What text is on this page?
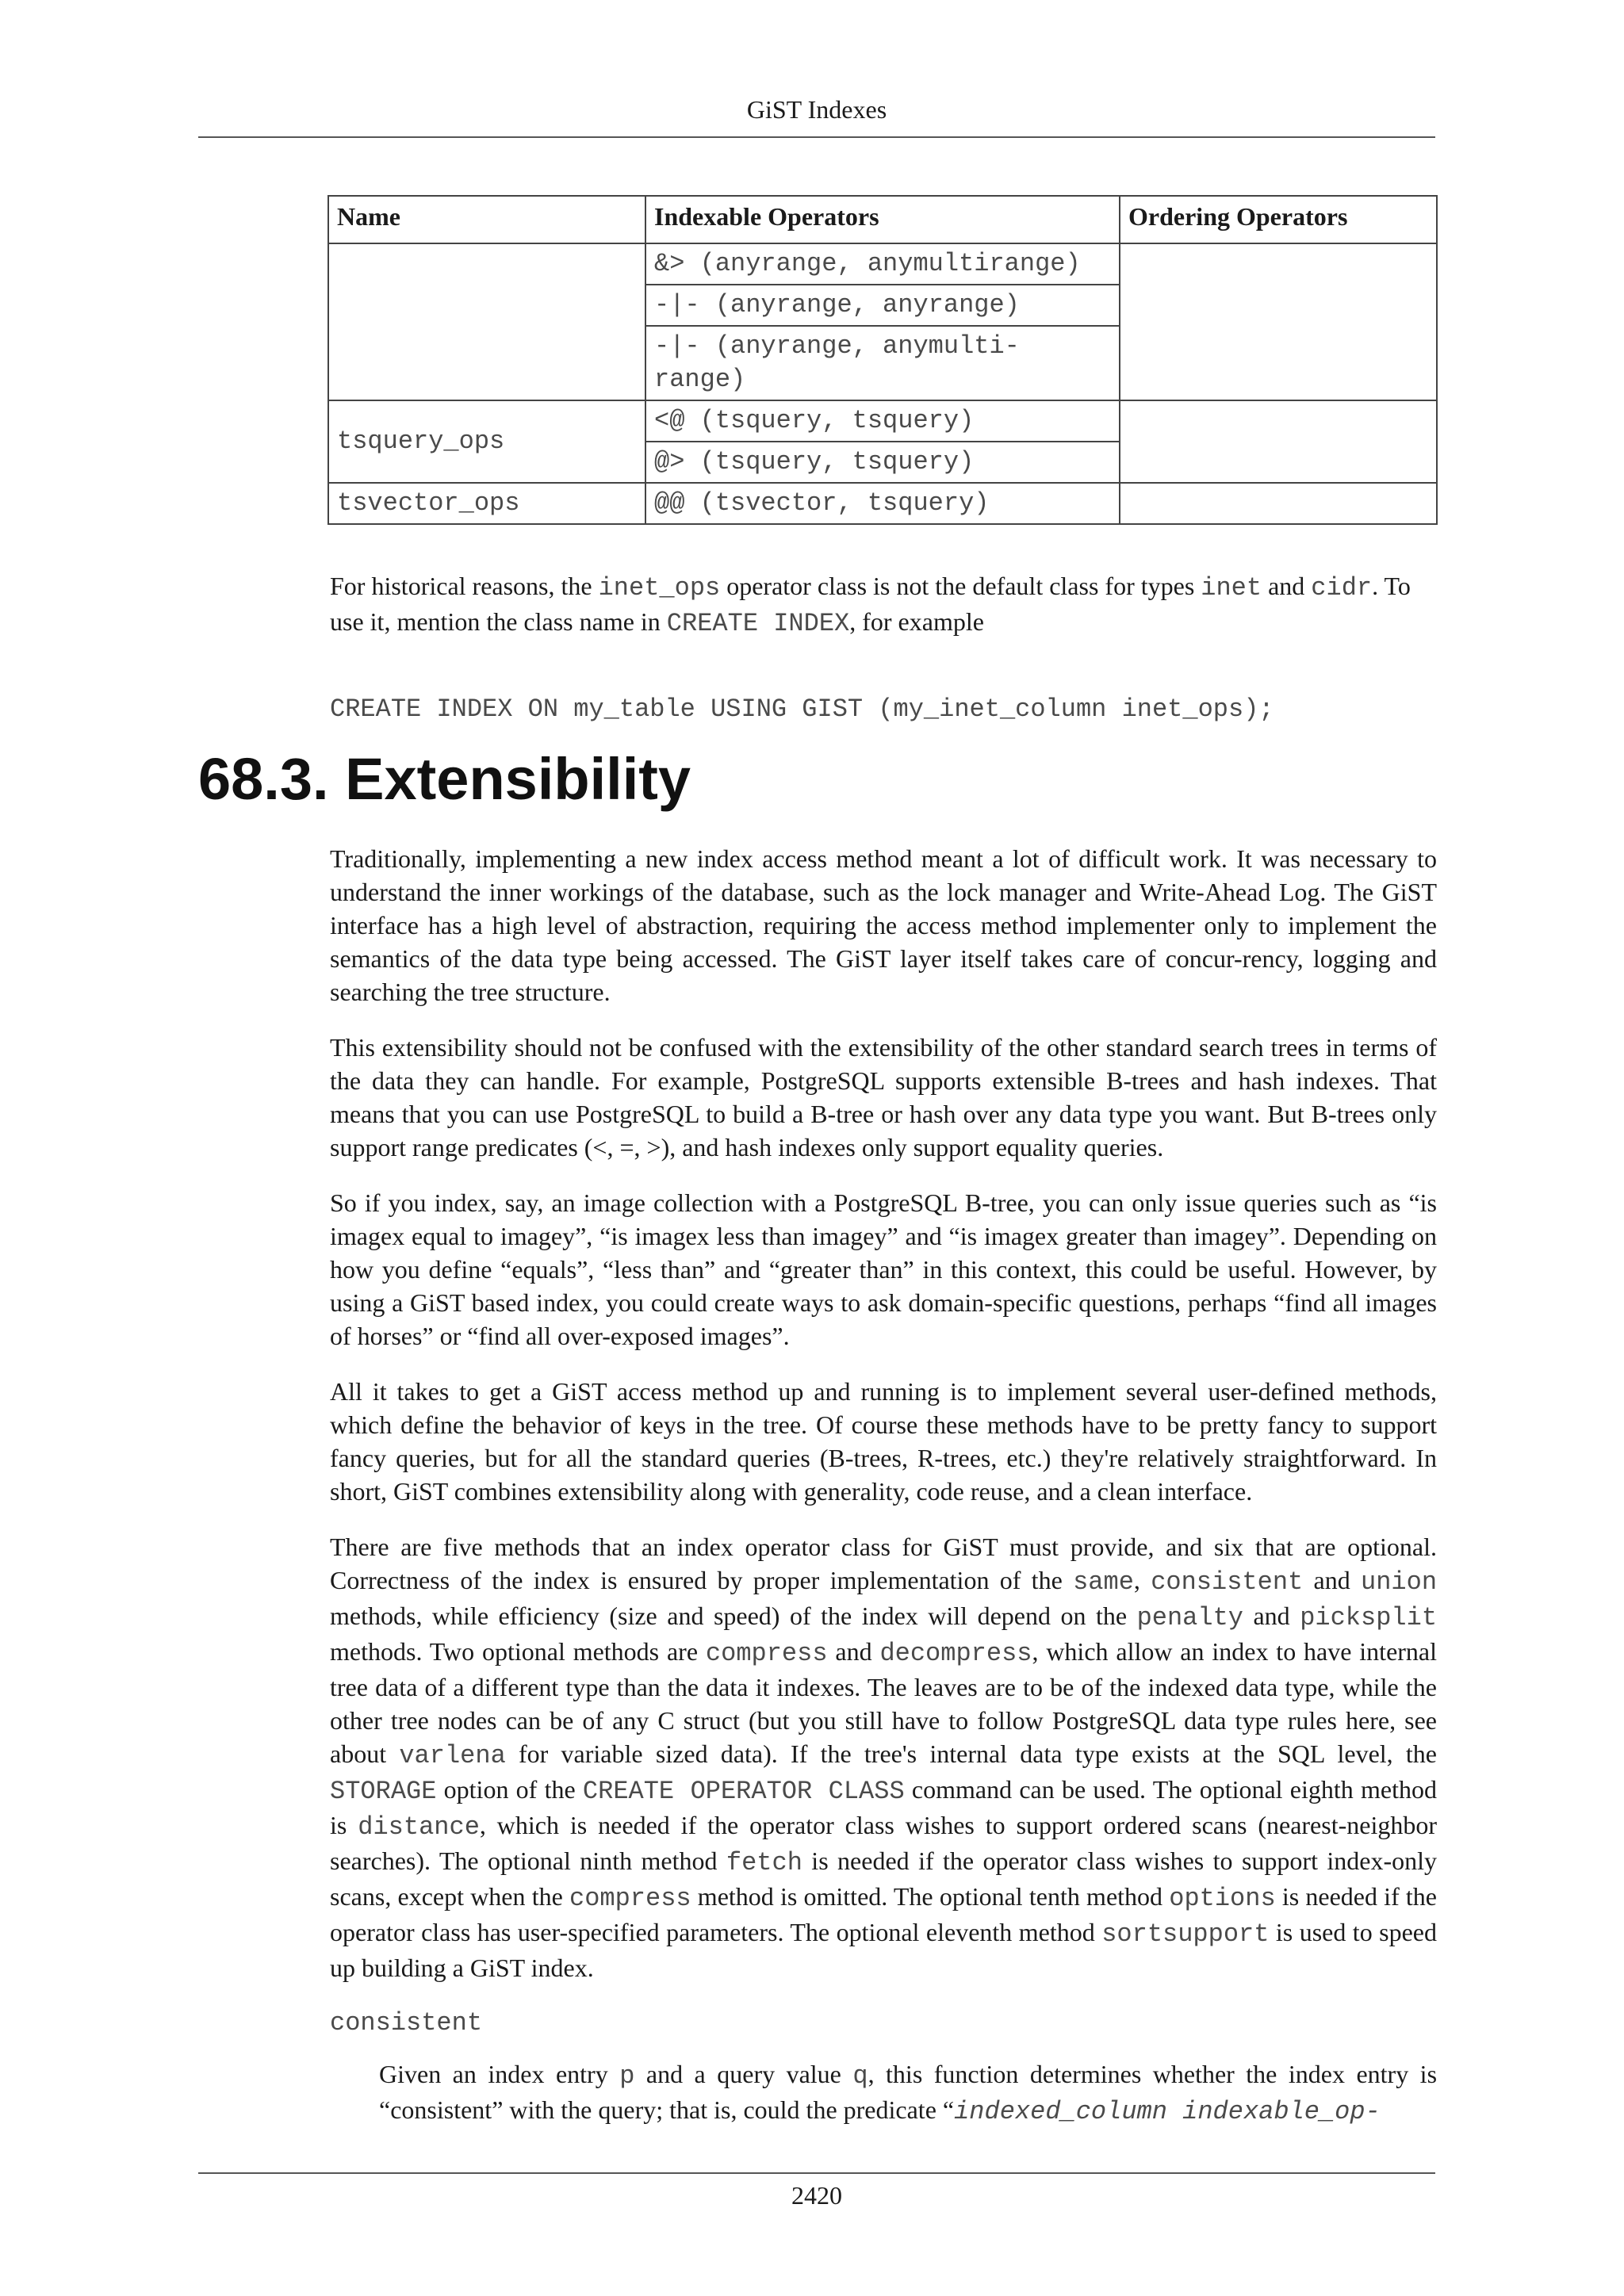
GiST Indexes
Name	Indexable Operators	Ordering Operators
	&> (anyrange, anymultirange)	
	-|- (anyrange, anyrange)	
	-|- (anyrange, anymulti-
range)	
tsquery_ops	<@ (tsquery, tsquery)	
	@> (tsquery, tsquery)	
tsvector_ops	@@ (tsvector, tsquery)	

For historical reasons, the inet_ops operator class is not the default class for types inet and cidr. To use it, mention the class name in CREATE INDEX, for example

CREATE INDEX ON my_table USING GIST (my_inet_column inet_ops);
68.3. Extensibility

Traditionally, implementing a new index access method meant a lot of difficult work. It was necessary to understand the inner workings of the database, such as the lock manager and Write-Ahead Log. The GiST interface has a high level of abstraction, requiring the access method implementer only to implement the semantics of the data type being accessed. The GiST layer itself takes care of concur-rency, logging and searching the tree structure.

This extensibility should not be confused with the extensibility of the other standard search trees in terms of the data they can handle. For example, PostgreSQL supports extensible B-trees and hash indexes. That means that you can use PostgreSQL to build a B-tree or hash over any data type you want. But B-trees only support range predicates (<, =, >), and hash indexes only support equality queries.

So if you index, say, an image collection with a PostgreSQL B-tree, you can only issue queries such as “is imagex equal to imagey”, “is imagex less than imagey” and “is imagex greater than imagey”. Depending on how you define “equals”, “less than” and “greater than” in this context, this could be useful. However, by using a GiST based index, you could create ways to ask domain-specific questions, perhaps “find all images of horses” or “find all over-exposed images”.

All it takes to get a GiST access method up and running is to implement several user-defined methods, which define the behavior of keys in the tree. Of course these methods have to be pretty fancy to support fancy queries, but for all the standard queries (B-trees, R-trees, etc.) they're relatively straightforward. In short, GiST combines extensibility along with generality, code reuse, and a clean interface.

There are five methods that an index operator class for GiST must provide, and six that are optional. Correctness of the index is ensured by proper implementation of the same, consistent and union methods, while efficiency (size and speed) of the index will depend on the penalty and picksplit methods. Two optional methods are compress and decompress, which allow an index to have internal tree data of a different type than the data it indexes. The leaves are to be of the indexed data type, while the other tree nodes can be of any C struct (but you still have to follow PostgreSQL data type rules here, see about varlena for variable sized data). If the tree's internal data type exists at the SQL level, the STORAGE option of the CREATE OPERATOR CLASS command can be used. The optional eighth method is distance, which is needed if the operator class wishes to support ordered scans (nearest-neighbor searches). The optional ninth method fetch is needed if the operator class wishes to support index-only scans, except when the compress method is omitted. The optional tenth method options is needed if the operator class has user-specified parameters. The optional eleventh method sortsupport is used to speed up building a GiST index.

consistent

Given an index entry p and a query value q, this function determines whether the index entry is “consistent” with the query; that is, could the predicate “indexed_column indexable_op-

2420
